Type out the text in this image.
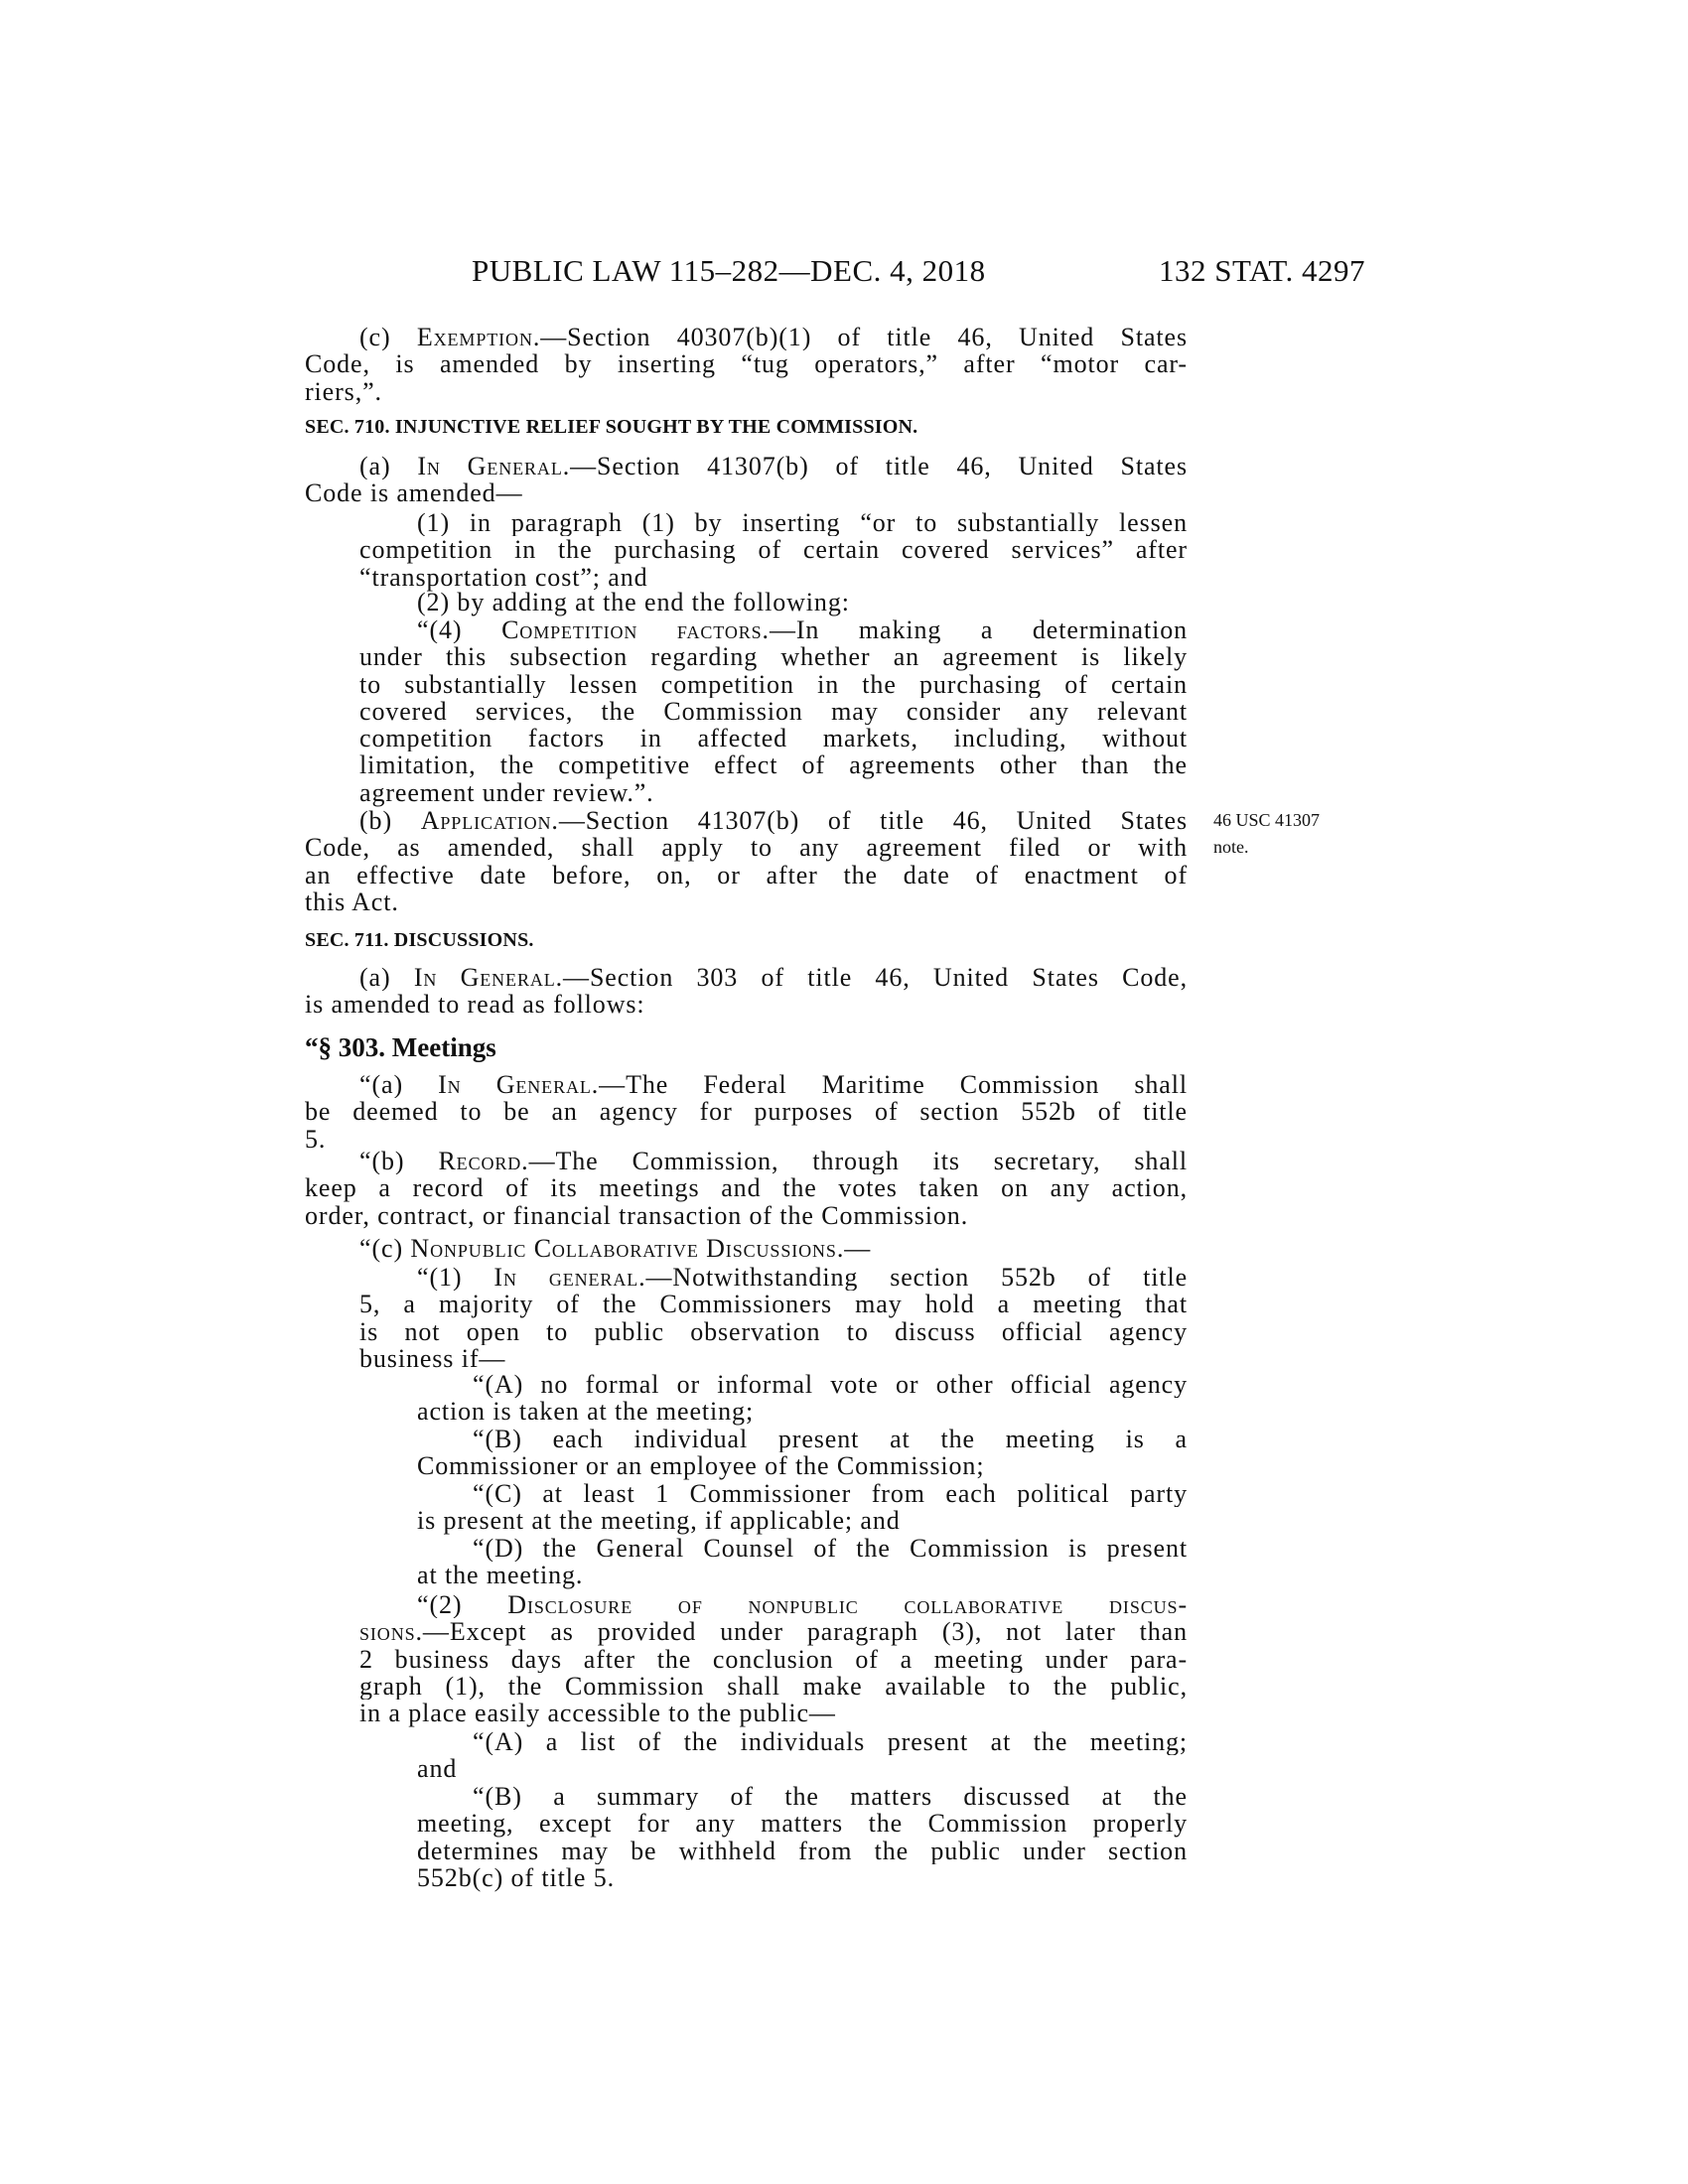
PUBLIC LAW 115–282—DEC. 4, 2018	132 STAT. 4297
(c) Exemption.—Section 40307(b)(1) of title 46, United States
Code, is amended by inserting “tug operators,” after “motor car-
riers,”.
SEC. 710. INJUNCTIVE RELIEF SOUGHT BY THE COMMISSION.
(a) In General.—Section 41307(b) of title 46, United States
Code is amended—
(1) in paragraph (1) by inserting “or to substantially lessen
competition in the purchasing of certain covered services” after
“transportation cost”; and
(2) by adding at the end the following:
“(4) Competition factors.—In making a determination
under this subsection regarding whether an agreement is likely
to substantially lessen competition in the purchasing of certain
covered services, the Commission may consider any relevant
competition factors in affected markets, including, without
limitation, the competitive effect of agreements other than the
agreement under review.”.
(b) Application.—Section 41307(b) of title 46, United States
Code, as amended, shall apply to any agreement filed or with
an effective date before, on, or after the date of enactment of
this Act.
46 USC 41307
note.
SEC. 711. DISCUSSIONS.
(a) In General.—Section 303 of title 46, United States Code,
is amended to read as follows:
“§ 303. Meetings
“(a) In General.—The Federal Maritime Commission shall
be deemed to be an agency for purposes of section 552b of title
5.
“(b) Record.—The Commission, through its secretary, shall
keep a record of its meetings and the votes taken on any action,
order, contract, or financial transaction of the Commission.
“(c) Nonpublic Collaborative Discussions.—
“(1) In general.—Notwithstanding section 552b of title
5, a majority of the Commissioners may hold a meeting that
is not open to public observation to discuss official agency
business if—
“(A) no formal or informal vote or other official agency
action is taken at the meeting;
“(B) each individual present at the meeting is a
Commissioner or an employee of the Commission;
“(C) at least 1 Commissioner from each political party
is present at the meeting, if applicable; and
“(D) the General Counsel of the Commission is present
at the meeting.
“(2) Disclosure of nonpublic collaborative discus-
sions.—Except as provided under paragraph (3), not later than
2 business days after the conclusion of a meeting under para-
graph (1), the Commission shall make available to the public,
in a place easily accessible to the public—
“(A) a list of the individuals present at the meeting;
and
“(B) a summary of the matters discussed at the
meeting, except for any matters the Commission properly
determines may be withheld from the public under section
552b(c) of title 5.
